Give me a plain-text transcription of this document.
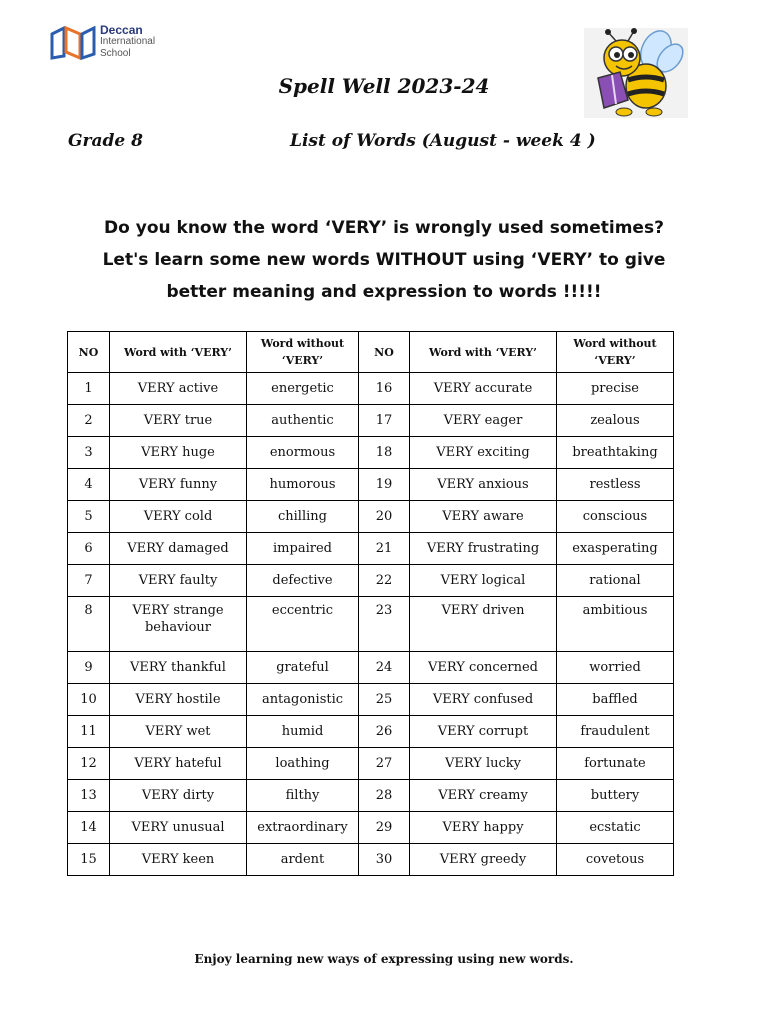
Deccan
International
School
Spell Well 2023-24
Grade 8	List of Words (August - week 4 )
Do you know the word ‘VERY’ is wrongly used sometimes?
Let's learn some new words WITHOUT using ‘VERY’ to give
better meaning and expression to words !!!!!
NO	Word with ‘VERY’	Word without ‘VERY’	NO	Word with ‘VERY’	Word without ‘VERY’
1	VERY active	energetic	16	VERY accurate	precise
2	VERY true	authentic	17	VERY eager	zealous
3	VERY huge	enormous	18	VERY exciting	breathtaking
4	VERY funny	humorous	19	VERY anxious	restless
5	VERY cold	chilling	20	VERY aware	conscious
6	VERY damaged	impaired	21	VERY frustrating	exasperating
7	VERY faulty	defective	22	VERY logical	rational
8	VERY strange behaviour	eccentric	23	VERY driven	ambitious
9	VERY thankful	grateful	24	VERY concerned	worried
10	VERY hostile	antagonistic	25	VERY confused	baffled
11	VERY wet	humid	26	VERY corrupt	fraudulent
12	VERY hateful	loathing	27	VERY lucky	fortunate
13	VERY dirty	filthy	28	VERY creamy	buttery
14	VERY unusual	extraordinary	29	VERY happy	ecstatic
15	VERY keen	ardent	30	VERY greedy	covetous
Enjoy learning new ways of expressing using new words.
